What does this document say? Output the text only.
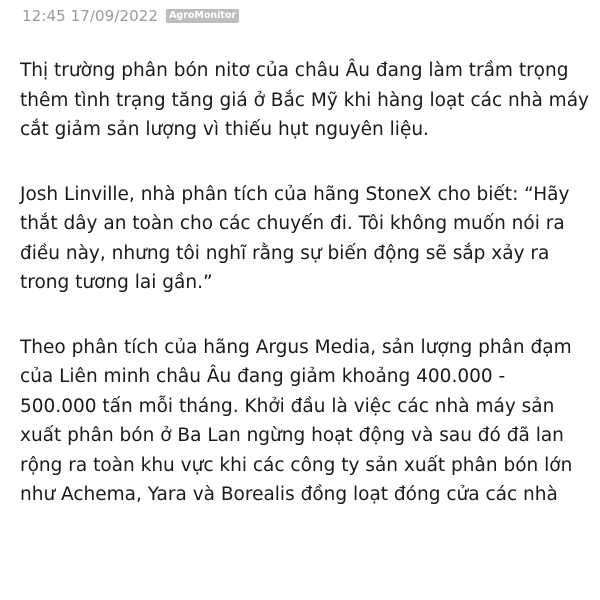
12:45 17/09/2022	AgroMonitor

Thị trường phân bón nitơ của châu Âu đang làm trầm trọng
thêm tình trạng tăng giá ở Bắc Mỹ khi hàng loạt các nhà máy
cắt giảm sản lượng vì thiếu hụt nguyên liệu.

Josh Linville, nhà phân tích của hãng StoneX cho biết: “Hãy
thắt dây an toàn cho các chuyến đi. Tôi không muốn nói ra
điều này, nhưng tôi nghĩ rằng sự biến động sẽ sắp xảy ra
trong tương lai gần.”

Theo phân tích của hãng Argus Media, sản lượng phân đạm
của Liên minh châu Âu đang giảm khoảng 400.000 -
500.000 tấn mỗi tháng. Khởi đầu là việc các nhà máy sản
xuất phân bón ở Ba Lan ngừng hoạt động và sau đó đã lan
rộng ra toàn khu vực khi các công ty sản xuất phân bón lớn
như Achema, Yara và Borealis đồng loạt đóng cửa các nhà
